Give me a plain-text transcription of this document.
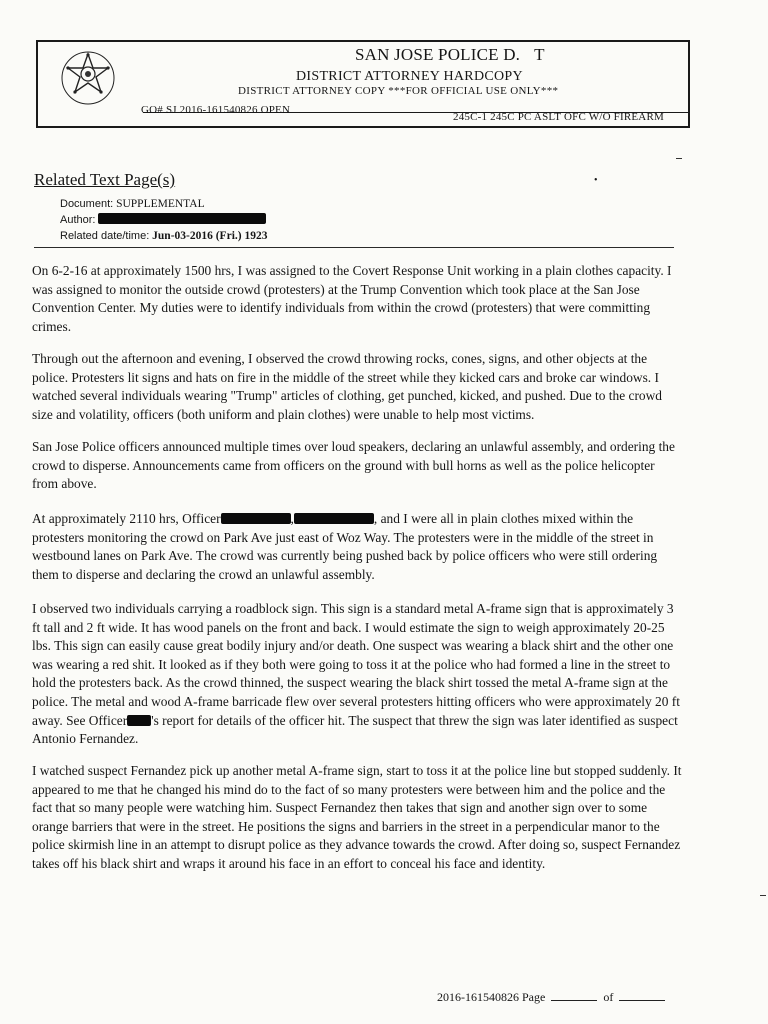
SAN JOSE POLICE D. T
DISTRICT ATTORNEY HARDCOPY
DISTRICT ATTORNEY COPY ***FOR OFFICIAL USE ONLY***
GO# SJ 2016-161540826 OPEN
245C-1 245C PC ASLT OFC W/O FIREARM
Related Text Page(s)	•
Document: SUPPLEMENTAL
Author:
Related date/time: Jun-03-2016 (Fri.) 1923
On 6-2-16 at approximately 1500 hrs, I was assigned to the Covert Response Unit working in a plain clothes capacity. I was assigned to monitor the outside crowd (protesters) at the Trump Convention which took place at the San Jose Convention Center. My duties were to identify individuals from within the crowd (protesters) that were committing crimes.
Through out the afternoon and evening, I observed the crowd throwing rocks, cones, signs, and other objects at the police. Protesters lit signs and hats on fire in the middle of the street while they kicked cars and broke car windows. I watched several individuals wearing "Trump" articles of clothing, get punched, kicked, and pushed. Due to the crowd size and volatility, officers (both uniform and plain clothes) were unable to help most victims.
San Jose Police officers announced multiple times over loud speakers, declaring an unlawful assembly, and ordering the crowd to disperse. Announcements came from officers on the ground with bull horns as well as the police helicopter from above.
At approximately 2110 hrs, Officer	,	, and I were all in plain clothes mixed within the protesters monitoring the crowd on Park Ave just east of Woz Way. The protesters were in the middle of the street in westbound lanes on Park Ave. The crowd was currently being pushed back by police officers who were still ordering them to disperse and declaring the crowd an unlawful assembly.
I observed two individuals carrying a roadblock sign. This sign is a standard metal A-frame sign that is approximately 3 ft tall and 2 ft wide. It has wood panels on the front and back. I would estimate the sign to weigh approximately 20-25 lbs. This sign can easily cause great bodily injury and/or death. One suspect was wearing a black shirt and the other one was wearing a red shit. It looked as if they both were going to toss it at the police who had formed a line in the street to hold the protesters back. As the crowd thinned, the suspect wearing the black shirt tossed the metal A-frame sign at the police. The metal and wood A-frame barricade flew over several protesters hitting officers who were approximately 20 ft away. See Officer 's report for details of the officer hit. The suspect that threw the sign was later identified as suspect Antonio Fernandez.
I watched suspect Fernandez pick up another metal A-frame sign, start to toss it at the police line but stopped suddenly. It appeared to me that he changed his mind do to the fact of so many protesters were between him and the police and the fact that so many people were watching him. Suspect Fernandez then takes that sign and another sign over to some orange barriers that were in the street. He positions the signs and barriers in the street in a perpendicular manor to the police skirmish line in an attempt to disrupt police as they advance towards the crowd. After doing so, suspect Fernandez takes off his black shirt and wraps it around his face in an effort to conceal his face and identity.
2016-161540826 Page	of
